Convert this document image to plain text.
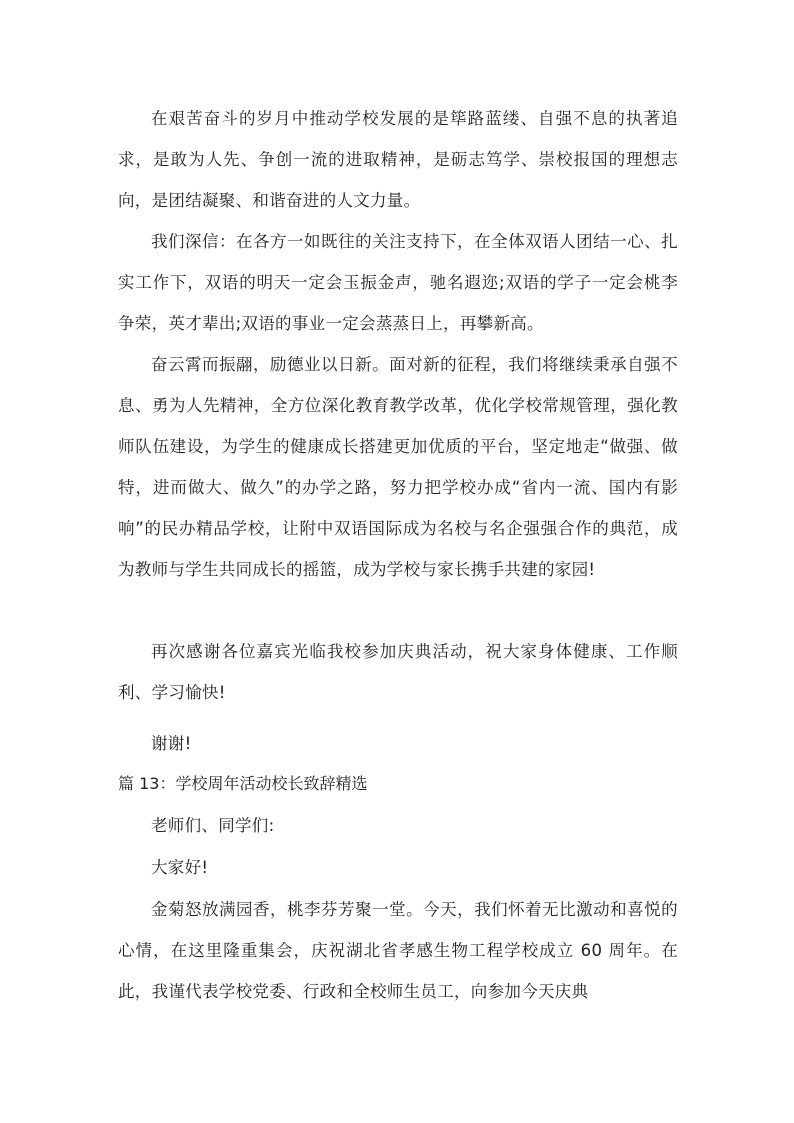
在艰苦奋斗的岁月中推动学校发展的是筚路蓝缕、自强不息的执著追求，是敢为人先、争创一流的进取精神，是砺志笃学、崇校报国的理想志向，是团结凝聚、和谐奋进的人文力量。

我们深信：在各方一如既往的关注支持下，在全体双语人团结一心、扎实工作下，双语的明天一定会玉振金声，驰名遐迩;双语的学子一定会桃李争荣，英才辈出;双语的事业一定会蒸蒸日上，再攀新高。

奋云霄而振翮，励德业以日新。面对新的征程，我们将继续秉承自强不息、勇为人先精神，全方位深化教育教学改革，优化学校常规管理，强化教师队伍建设，为学生的健康成长搭建更加优质的平台，坚定地走“做强、做特，进而做大、做久”的办学之路，努力把学校办成“省内一流、国内有影响”的民办精品学校，让附中双语国际成为名校与名企强强合作的典范，成为教师与学生共同成长的摇篮，成为学校与家长携手共建的家园!

再次感谢各位嘉宾光临我校参加庆典活动，祝大家身体健康、工作顺利、学习愉快!

谢谢!

篇 13：学校周年活动校长致辞精选

老师们、同学们:

大家好!

金菊怒放满园香，桃李芬芳聚一堂。今天，我们怀着无比激动和喜悦的心情，在这里隆重集会，庆祝湖北省孝感生物工程学校成立 60 周年。在此，我谨代表学校党委、行政和全校师生员工，向参加今天庆典
